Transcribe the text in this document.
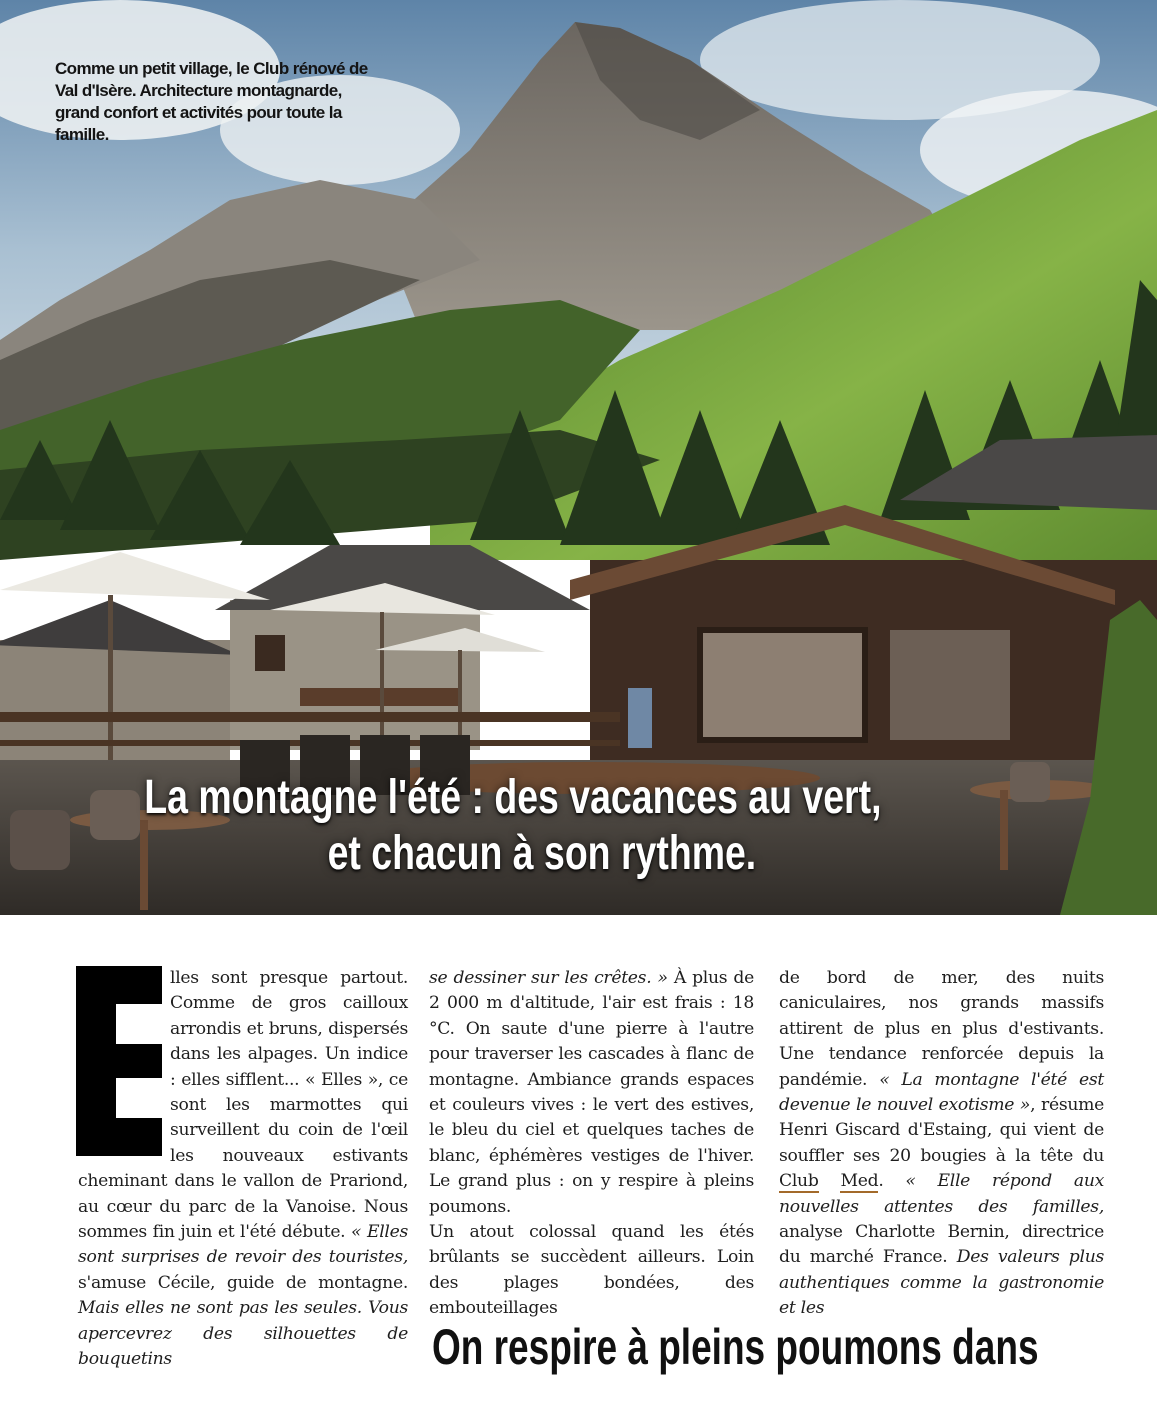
Comme un petit village, le Club rénové de Val d'Isère. Architecture montagnarde, grand confort et activités pour toute la famille.
La montagne l'été : des vacances au vert,
et chacun à son rythme.

lles sont presque partout. Comme de gros cailloux arrondis et bruns, dispersés dans les alpages. Un indice : elles sifflent... « Elles », ce sont les marmottes qui surveillent du coin de l'œil les nouveaux estivants cheminant dans le vallon de Prariond, au cœur du parc de la Vanoise. Nous sommes fin juin et l'été débute. « Elles sont surprises de revoir des touristes, s'amuse Cécile, guide de montagne. Mais elles ne sont pas les seules. Vous apercevrez des silhouettes de bouquetins

se dessiner sur les crêtes. » À plus de 2 000 m d'altitude, l'air est frais : 18 °C. On saute d'une pierre à l'autre pour traverser les cascades à flanc de montagne. Ambiance grands espaces et couleurs vives : le vert des estives, le bleu du ciel et quelques taches de blanc, éphémères vestiges de l'hiver. Le grand plus : on y respire à pleins poumons.

Un atout colossal quand les étés brûlants se succèdent ailleurs. Loin des plages bondées, des embouteillages

de bord de mer, des nuits caniculaires, nos grands massifs attirent de plus en plus d'estivants. Une tendance renforcée depuis la pandémie. « La montagne l'été est devenue le nouvel exotisme », résume Henri Giscard d'Estaing, qui vient de souffler ses 20 bougies à la tête du Club Med. « Elle répond aux nouvelles attentes des familles, analyse Charlotte Bernin, directrice du marché France. Des valeurs plus authentiques comme la gastronomie et les

On respire à pleins poumons dans
